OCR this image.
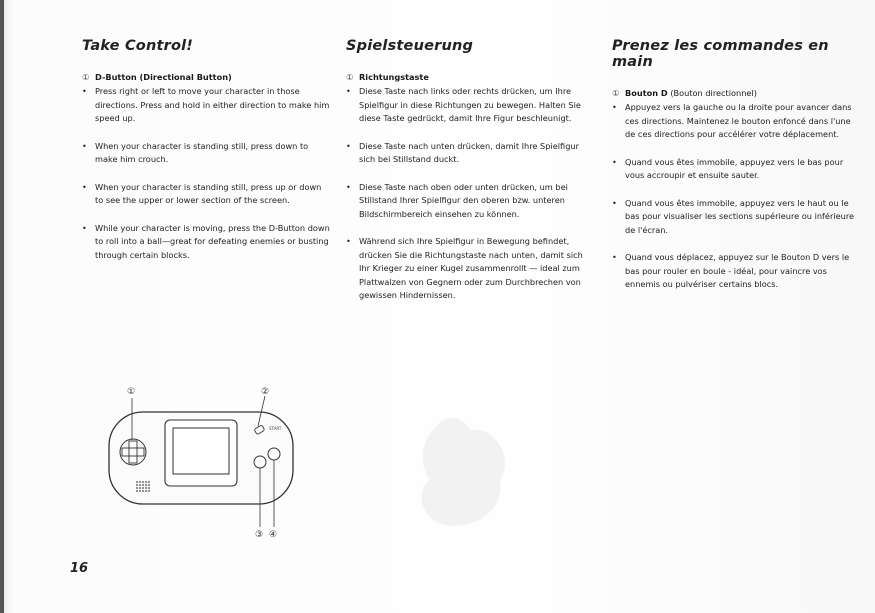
Take Control!
① D-Button (Directional Button)
• Press right or left to move your character in those directions. Press and hold in either direction to make him speed up.
• When your character is standing still, press down to make him crouch.
• When your character is standing still, press up or down to see the upper or lower section of the screen.
• While your character is moving, press the D-Button down to roll into a ball—great for defeating enemies or busting through certain blocks.
Spielsteuerung
① Richtungstaste
• Diese Taste nach links oder rechts drücken, um Ihre Spielfigur in diese Richtungen zu bewegen. Halten Sie diese Taste gedrückt, damit Ihre Figur beschleunigt.
• Diese Taste nach unten drücken, damit Ihre Spielfigur sich bei Stillstand duckt.
• Diese Taste nach oben oder unten drücken, um bei Stillstand Ihrer Spielfigur den oberen bzw. unteren Bildschirmbereich einsehen zu können.
• Während sich Ihre Spielfigur in Bewegung befindet, drücken Sie die Richtungstaste nach unten, damit sich Ihr Krieger zu einer Kugel zusammenrollt — ideal zum Plattwalzen von Gegnern oder zum Durchbrechen von gewissen Hindernissen.
Prenez les commandes en main
① Bouton D (Bouton directionnel)
• Appuyez vers la gauche ou la droite pour avancer dans ces directions. Maintenez le bouton enfoncé dans l'une de ces directions pour accélérer votre déplacement.
• Quand vous êtes immobile, appuyez vers le bas pour vous accroupir et ensuite sauter.
• Quand vous êtes immobile, appuyez vers le haut ou le bas pour visualiser les sections supérieure ou inférieure de l'écran.
• Quand vous déplacez, appuyez sur le Bouton D vers le bas pour rouler en boule - idéal, pour vaincre vos ennemis ou pulvériser certains blocs.
START
①	②
③ ④
16
